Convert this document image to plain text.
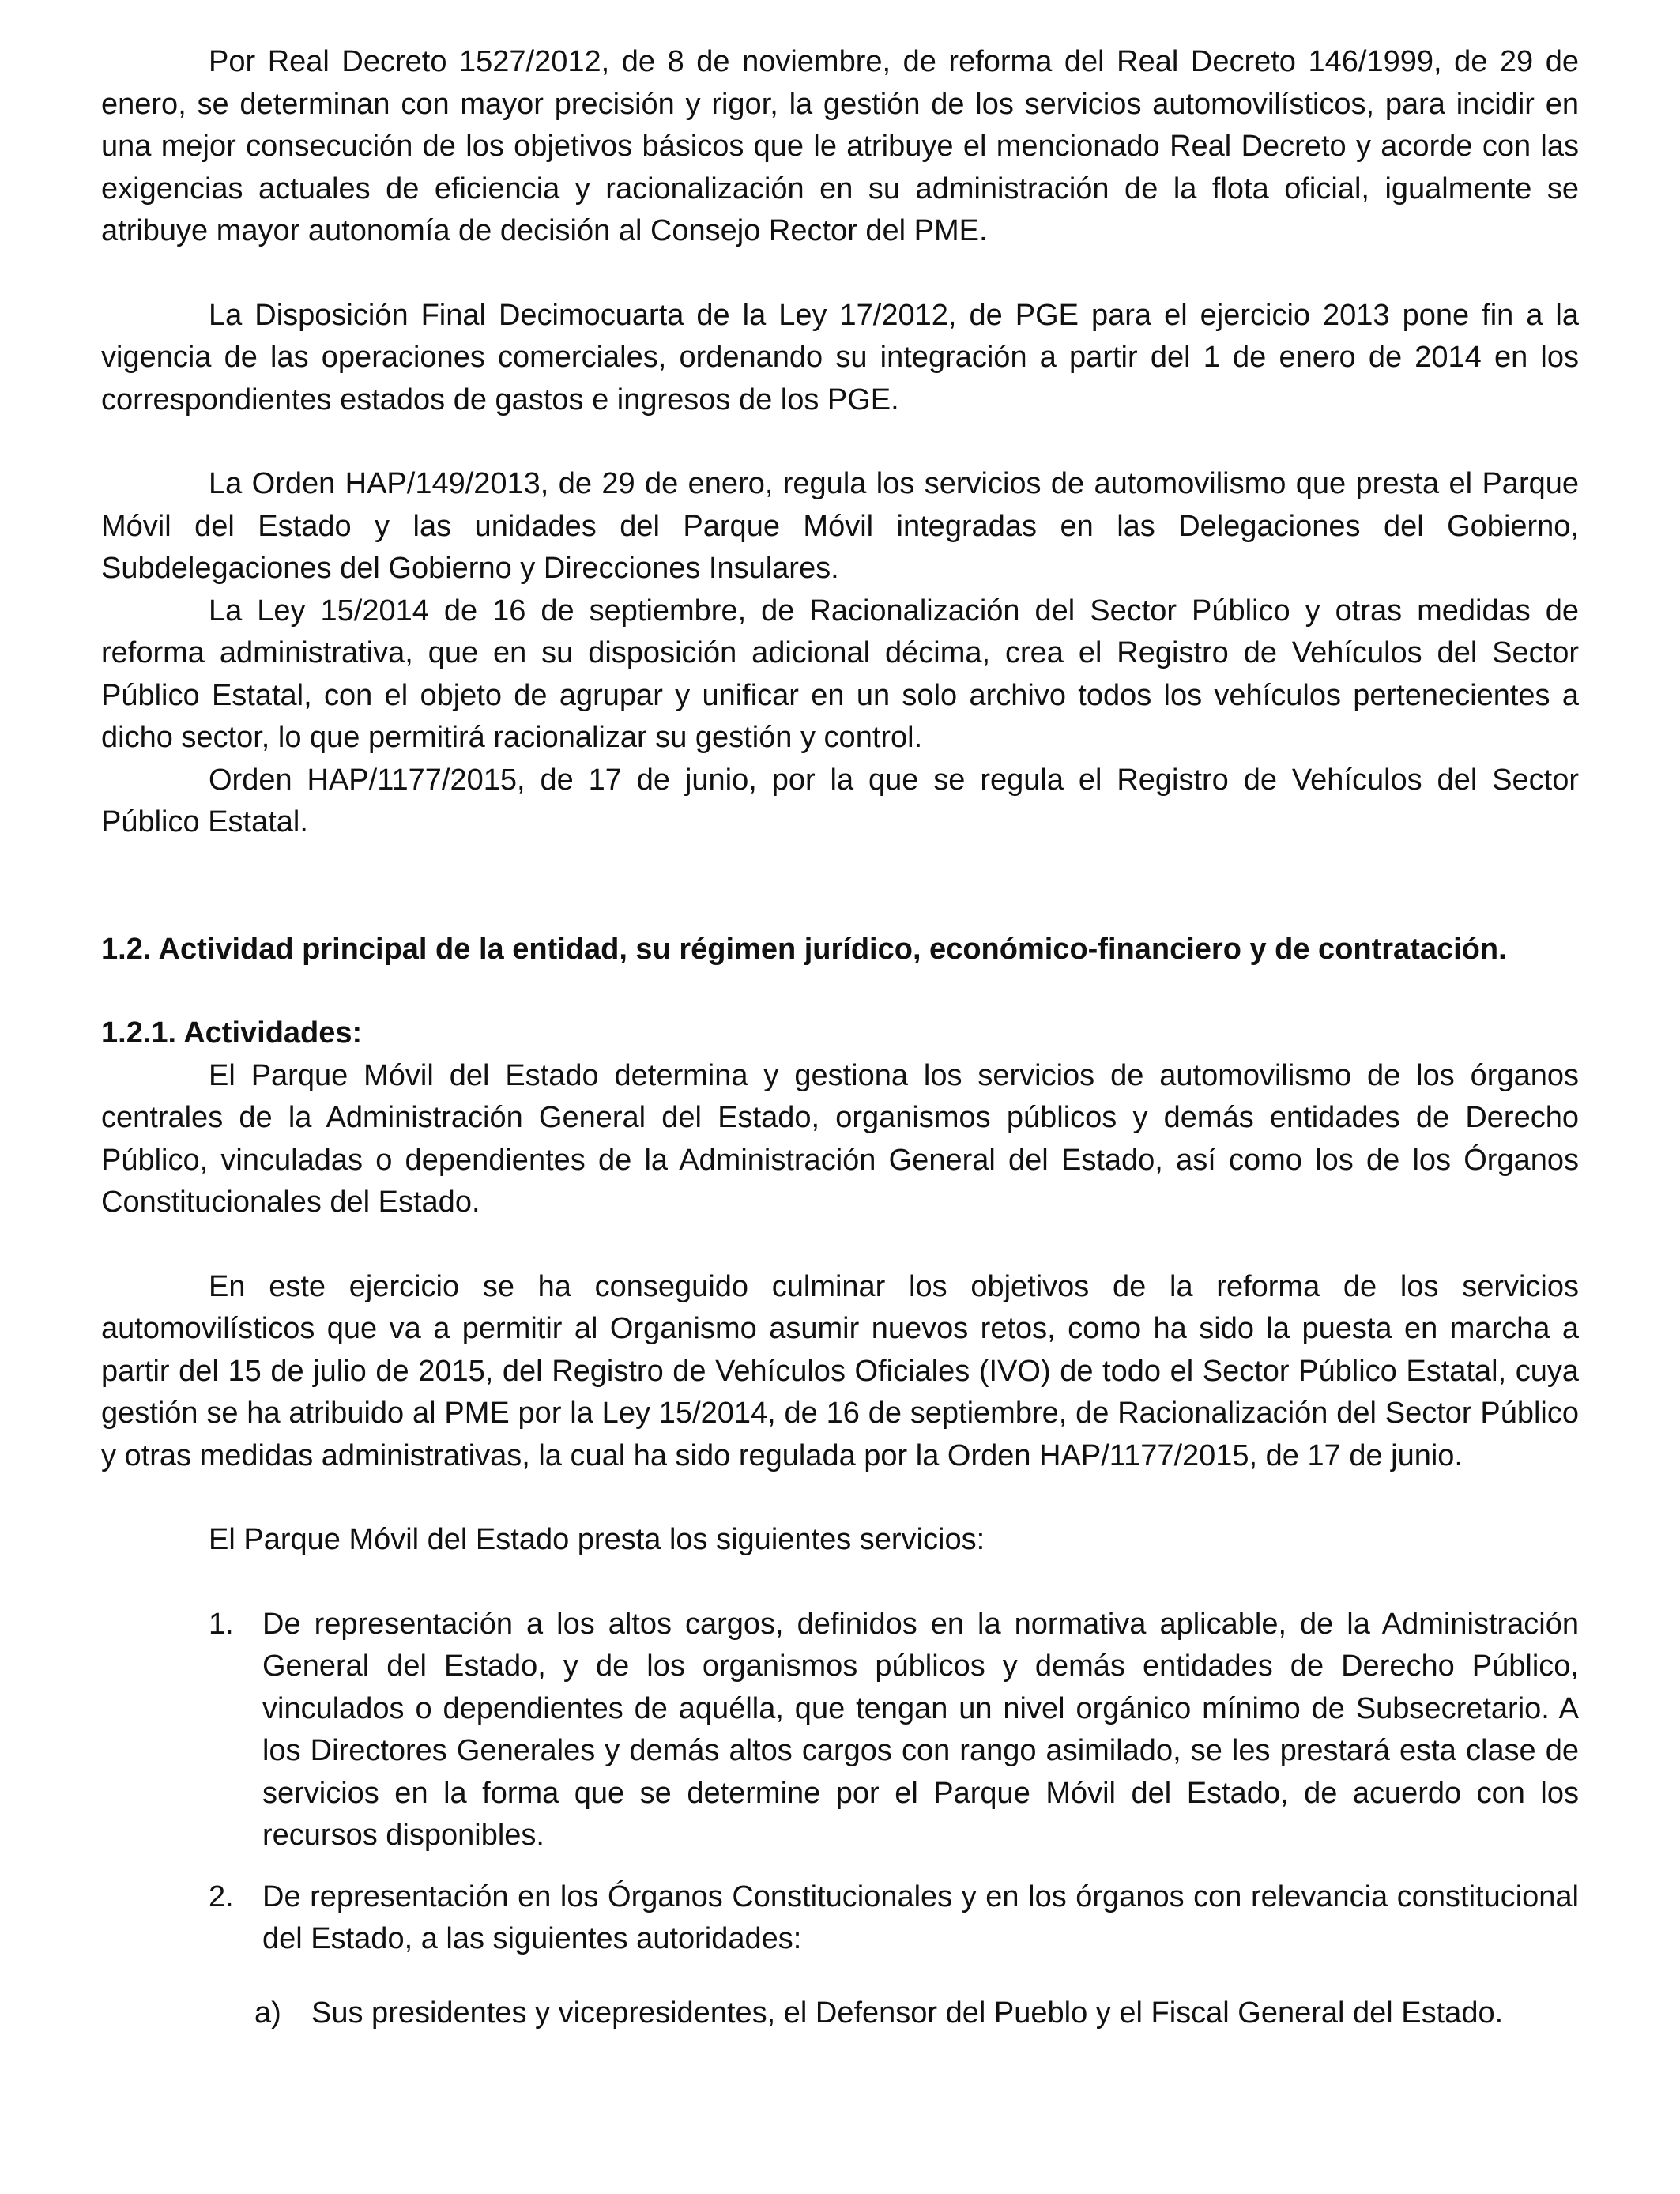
Por Real Decreto 1527/2012, de 8 de noviembre, de reforma del Real Decreto 146/1999, de 29 de enero, se determinan con mayor precisión y rigor, la gestión de los servicios automovilísticos, para incidir en una mejor consecución de los objetivos básicos que le atribuye el mencionado Real Decreto y acorde con las exigencias actuales de eficiencia y racionalización en su administración de la flota oficial, igualmente se atribuye mayor autonomía de decisión al Consejo Rector del PME.

La Disposición Final Decimocuarta de la Ley 17/2012, de PGE para el ejercicio 2013 pone fin a la vigencia de las operaciones comerciales, ordenando su integración a partir del 1 de enero de 2014 en los correspondientes estados de gastos e ingresos de los PGE.

La Orden HAP/149/2013, de 29 de enero, regula los servicios de automovilismo que presta el Parque Móvil del Estado y las unidades del Parque Móvil integradas en las Delegaciones del Gobierno, Subdelegaciones del Gobierno y Direcciones Insulares.

La Ley 15/2014 de 16 de septiembre, de Racionalización del Sector Público y otras medidas de reforma administrativa, que en su disposición adicional décima, crea el Registro de Vehículos del Sector Público Estatal, con el objeto de agrupar y unificar en un solo archivo todos los vehículos pertenecientes a dicho sector, lo que permitirá racionalizar su gestión y control.

Orden HAP/1177/2015, de 17 de junio, por la que se regula el Registro de Vehículos del Sector Público Estatal.

1.2. Actividad principal de la entidad, su régimen jurídico, económico-financiero y de contratación.
1.2.1. Actividades:

El Parque Móvil del Estado determina y gestiona los servicios de automovilismo de los órganos centrales de la Administración General del Estado, organismos públicos y demás entidades de Derecho Público, vinculadas o dependientes de la Administración General del Estado, así como los de los Órganos Constitucionales del Estado.

En este ejercicio se ha conseguido culminar los objetivos de la reforma de los servicios automovilísticos que va a permitir al Organismo asumir nuevos retos, como ha sido la puesta en marcha a partir del 15 de julio de 2015, del Registro de Vehículos Oficiales (IVO) de todo el Sector Público Estatal, cuya gestión se ha atribuido al PME por la Ley 15/2014, de 16 de septiembre, de Racionalización del Sector Público y otras medidas administrativas, la cual ha sido regulada por la Orden HAP/1177/2015, de 17 de junio.

El Parque Móvil del Estado presta los siguientes servicios:

1. De representación a los altos cargos, definidos en la normativa aplicable, de la Administración General del Estado, y de los organismos públicos y demás entidades de Derecho Público, vinculados o dependientes de aquélla, que tengan un nivel orgánico mínimo de Subsecretario. A los Directores Generales y demás altos cargos con rango asimilado, se les prestará esta clase de servicios en la forma que se determine por el Parque Móvil del Estado, de acuerdo con los recursos disponibles.

2. De representación en los Órganos Constitucionales y en los órganos con relevancia constitucional del Estado, a las siguientes autoridades:

a) Sus presidentes y vicepresidentes, el Defensor del Pueblo y el Fiscal General del Estado.
